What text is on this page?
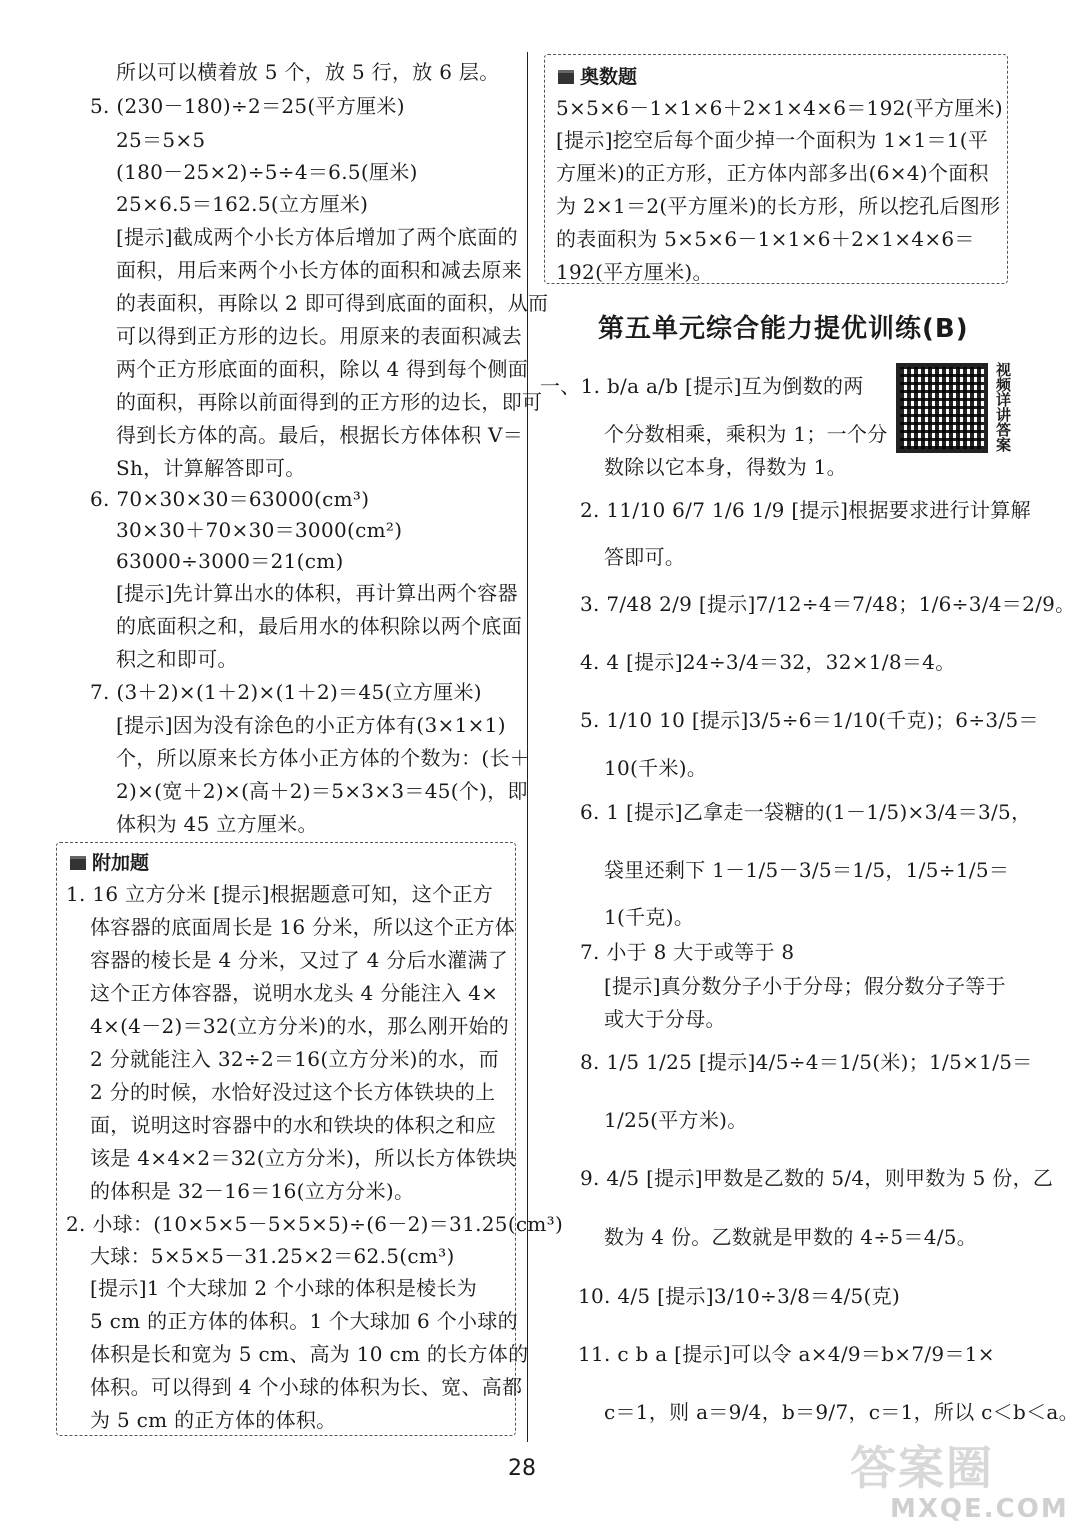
所以可以横着放 5 个，放 5 行，放 6 层。
5. (230－180)÷2＝25(平方厘米)
25＝5×5
(180－25×2)÷5÷4＝6.5(厘米)
25×6.5＝162.5(立方厘米)
[提示]截成两个小长方体后增加了两个底面的
面积，用后来两个小长方体的面积和减去原来
的表面积，再除以 2 即可得到底面的面积，从而
可以得到正方形的边长。用原来的表面积减去
两个正方形底面的面积，除以 4 得到每个侧面
的面积，再除以前面得到的正方形的边长，即可
得到长方体的高。最后，根据长方体体积 V＝
Sh，计算解答即可。
6. 70×30×30＝63000(cm³)
30×30＋70×30＝3000(cm²)
63000÷3000＝21(cm)
[提示]先计算出水的体积，再计算出两个容器
的底面积之和，最后用水的体积除以两个底面
积之和即可。
7. (3＋2)×(1＋2)×(1＋2)＝45(立方厘米)
[提示]因为没有涂色的小正方体有(3×1×1)
个，所以原来长方体小正方体的个数为：(长＋
2)×(宽＋2)×(高＋2)＝5×3×3＝45(个)，即
体积为 45 立方厘米。
附加题
1. 16 立方分米 [提示]根据题意可知，这个正方
体容器的底面周长是 16 分米，所以这个正方体
容器的棱长是 4 分米，又过了 4 分后水灌满了
这个正方体容器，说明水龙头 4 分能注入 4×
4×(4－2)＝32(立方分米)的水，那么刚开始的
2 分就能注入 32÷2＝16(立方分米)的水，而
2 分的时候，水恰好没过这个长方体铁块的上
面，说明这时容器中的水和铁块的体积之和应
该是 4×4×2＝32(立方分米)，所以长方体铁块
的体积是 32－16＝16(立方分米)。
2. 小球：(10×5×5－5×5×5)÷(6－2)＝31.25(cm³)
大球：5×5×5－31.25×2＝62.5(cm³)
[提示]1 个大球加 2 个小球的体积是棱长为
5 cm 的正方体的体积。1 个大球加 6 个小球的
体积是长和宽为 5 cm、高为 10 cm 的长方体的
体积。可以得到 4 个小球的体积为长、宽、高都
为 5 cm 的正方体的体积。
奥数题
5×5×6－1×1×6＋2×1×4×6＝192(平方厘米)
[提示]挖空后每个面少掉一个面积为 1×1＝1(平
方厘米)的正方形，正方体内部多出(6×4)个面积
为 2×1＝2(平方厘米)的长方形，所以挖孔后图形
的表面积为 5×5×6－1×1×6＋2×1×4×6＝
192(平方厘米)。
第五单元综合能力提优训练(B)
视频详讲答案
一、1. b/a a/b [提示]互为倒数的两
个分数相乘，乘积为 1；一个分
数除以它本身，得数为 1。
2. 11/10 6/7 1/6 1/9 [提示]根据要求进行计算解
答即可。
3. 7/48 2/9 [提示]7/12÷4＝7/48；1/6÷3/4＝2/9。
4. 4 [提示]24÷3/4＝32，32×1/8＝4。
5. 1/10 10 [提示]3/5÷6＝1/10(千克)；6÷3/5＝
10(千米)。
6. 1 [提示]乙拿走一袋糖的(1－1/5)×3/4＝3/5，
袋里还剩下 1－1/5－3/5＝1/5，1/5÷1/5＝
1(千克)。
7. 小于 8 大于或等于 8
[提示]真分数分子小于分母；假分数分子等于
或大于分母。
8. 1/5 1/25 [提示]4/5÷4＝1/5(米)；1/5×1/5＝
1/25(平方米)。
9. 4/5 [提示]甲数是乙数的 5/4，则甲数为 5 份，乙
数为 4 份。乙数就是甲数的 4÷5＝4/5。
10. 4/5 [提示]3/10÷3/8＝4/5(克)
11. c b a [提示]可以令 a×4/9＝b×7/9＝1×
c＝1，则 a＝9/4，b＝9/7，c＝1，所以 c＜b＜a。
答案圈
MXQE.COM
28
